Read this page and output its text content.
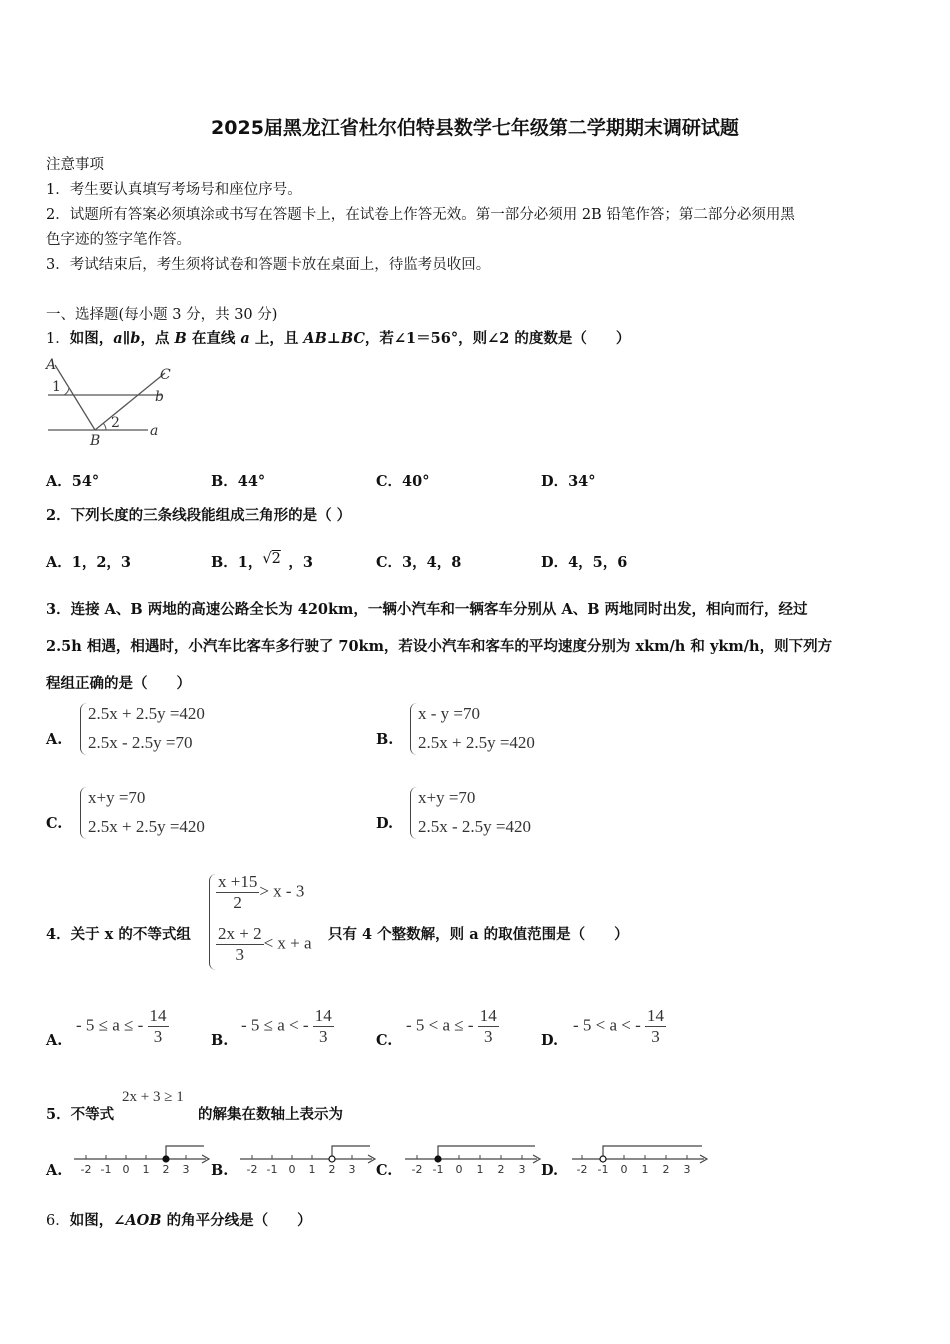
2025届黑龙江省杜尔伯特县数学七年级第二学期期末调研试题
注意事项
1．考生要认真填写考场号和座位序号。
2．试题所有答案必须填涂或书写在答题卡上，在试卷上作答无效。第一部分必须用 2B 铅笔作答；第二部分必须用黑
色字迹的签字笔作答。
3．考试结束后，考生须将试卷和答题卡放在桌面上，待监考员收回。
一、选择题(每小题 3 分，共 30 分)
1．如图，a∥b，点 B 在直线 a 上，且 AB⊥BC，若∠1＝56°，则∠2 的度数是（　　）
A
1
C
b
2
B
a
A．54°	B．44°	C．40°	D．34°
2．下列长度的三条线段能组成三角形的是（ ）
A．1，2，3	B．1， √2 ，3	C．3，4，8	D．4，5，6
3．连接 A、B 两地的高速公路全长为 420km，一辆小汽车和一辆客车分别从 A、B 两地同时出发，相向而行，经过
2.5h 相遇，相遇时，小汽车比客车多行驶了 70km，若设小汽车和客车的平均速度分别为 xkm/h 和 ykm/h，则下列方
程组正确的是（　　）
A.
2.5x + 2.5y =420
2.5x - 2.5y =70	B.
x - y =70
2.5x + 2.5y =420
C.
x+y =70
2.5x + 2.5y =420	D.
x+y =70
2.5x - 2.5y =420
4．关于 x 的不等式组
$\frac{x +15}{2} > x - 3$
$\frac{2x + 2}{3} < x + a$ 只有 4 个整数解，则 a 的取值范围是（　　）
A.
- 5 ≤ a ≤ - $\frac{14}{3}$	B.
- 5 ≤ a < - $\frac{14}{3}$	C.
- 5 < a ≤ - $\frac{14}{3}$	D.
- 5 < a < - $\frac{14}{3}$
5．不等式
2x + 3 ≥ 1
的解集在数轴上表示为
A.	B.	C.	D.
-2 -1 0 1 2 3	-2 -1 0 1 2 3	-2 -1 0 1 2 3	-2 -1 0 1 2 3
6．如图，∠AOB 的角平分线是（　　）
